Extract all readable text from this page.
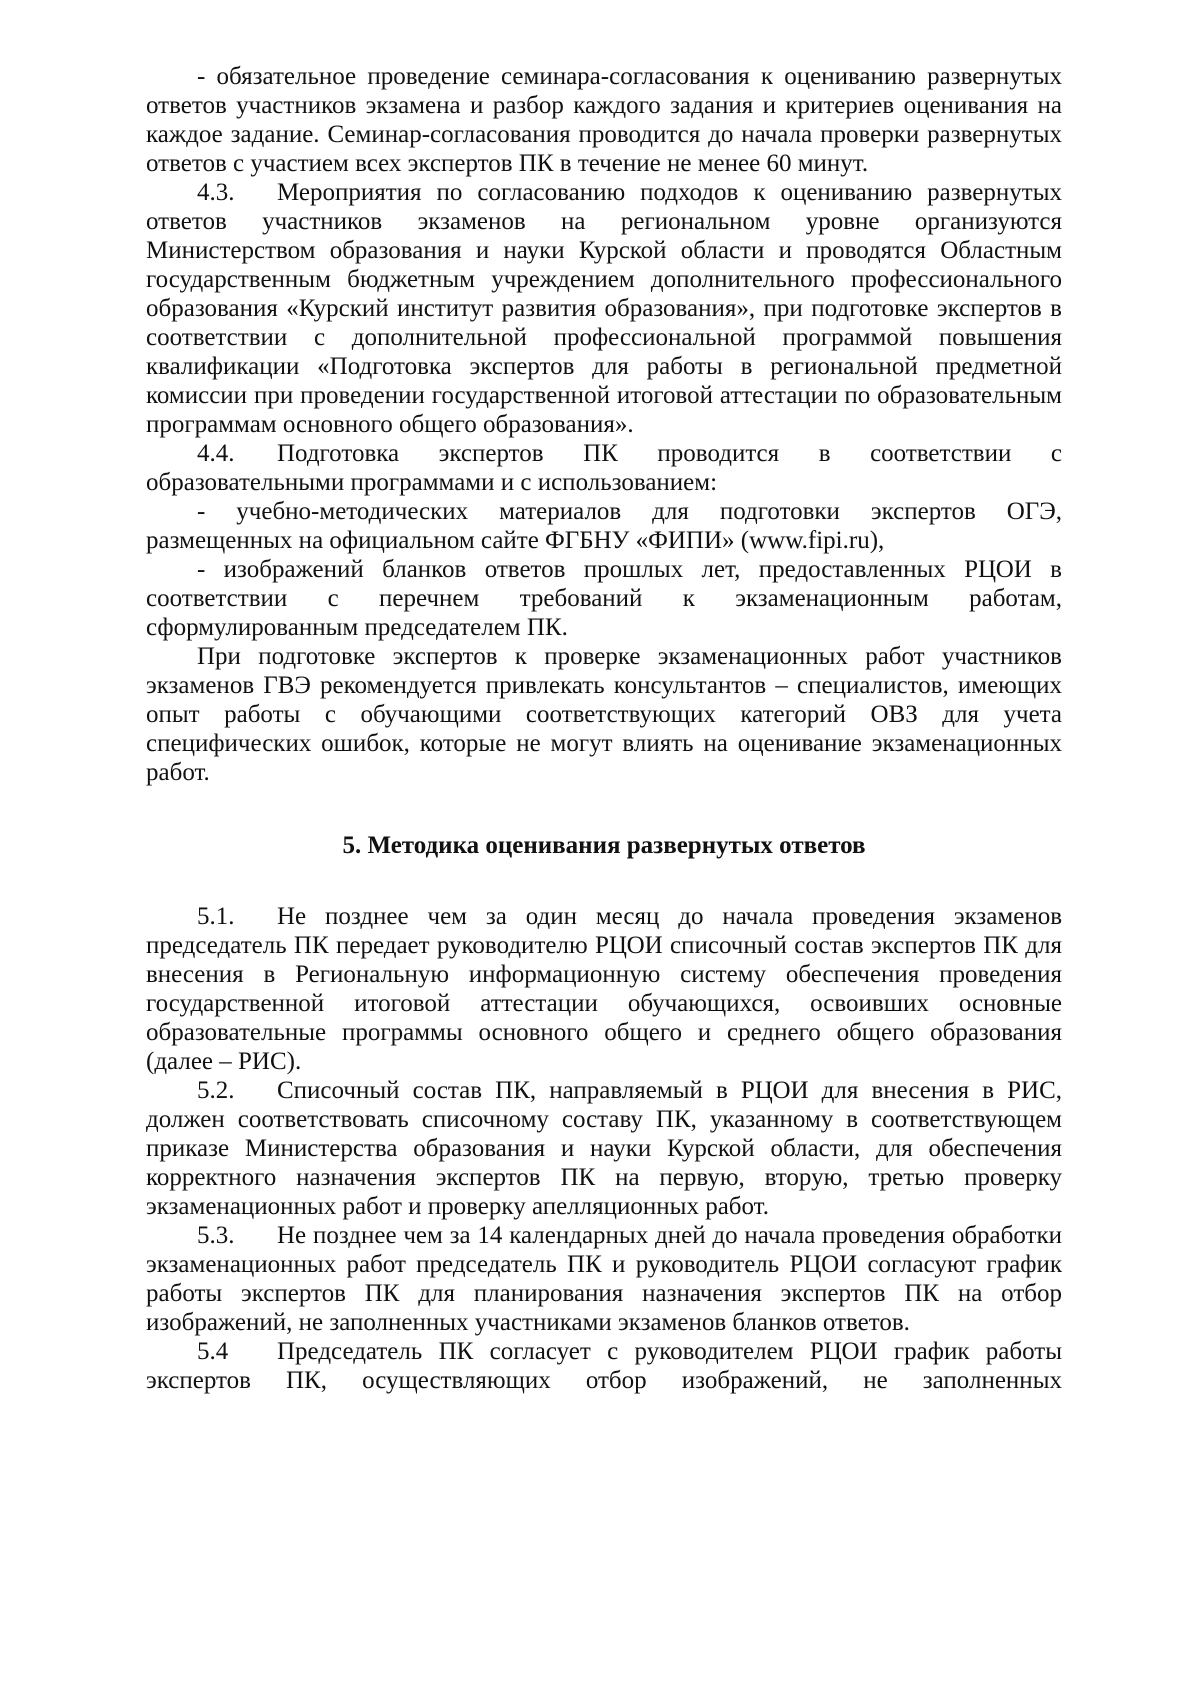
- обязательное проведение семинара-согласования к оцениванию развернутых ответов участников экзамена и разбор каждого задания и критериев оценивания на каждое задание. Семинар-согласования проводится до начала проверки развернутых ответов с участием всех экспертов ПК в течение не менее 60 минут.

4.3. Мероприятия по согласованию подходов к оцениванию развернутых ответов участников экзаменов на региональном уровне организуются Министерством образования и науки Курской области и проводятся Областным государственным бюджетным учреждением дополнительного профессионального образования «Курский институт развития образования», при подготовке экспертов в соответствии с дополнительной профессиональной программой повышения квалификации «Подготовка экспертов для работы в региональной предметной комиссии при проведении государственной итоговой аттестации по образовательным программам основного общего образования».

4.4. Подготовка экспертов ПК проводится в соответствии с образовательными программами и с использованием:

- учебно-методических материалов для подготовки экспертов ОГЭ, размещенных на официальном сайте ФГБНУ «ФИПИ» (www.fipi.ru),

- изображений бланков ответов прошлых лет, предоставленных РЦОИ в соответствии с перечнем требований к экзаменационным работам, сформулированным председателем ПК.

При подготовке экспертов к проверке экзаменационных работ участников экзаменов ГВЭ рекомендуется привлекать консультантов – специалистов, имеющих опыт работы с обучающими соответствующих категорий ОВЗ для учета специфических ошибок, которые не могут влиять на оценивание экзаменационных работ.

5. Методика оценивания развернутых ответов

5.1. Не позднее чем за один месяц до начала проведения экзаменов председатель ПК передает руководителю РЦОИ списочный состав экспертов ПК для внесения в Региональную информационную систему обеспечения проведения государственной итоговой аттестации обучающихся, освоивших основные образовательные программы основного общего и среднего общего образования (далее – РИС).

5.2. Списочный состав ПК, направляемый в РЦОИ для внесения в РИС, должен соответствовать списочному составу ПК, указанному в соответствующем приказе Министерства образования и науки Курской области, для обеспечения корректного назначения экспертов ПК на первую, вторую, третью проверку экзаменационных работ и проверку апелляционных работ.

5.3. Не позднее чем за 14 календарных дней до начала проведения обработки экзаменационных работ председатель ПК и руководитель РЦОИ согласуют график работы экспертов ПК для планирования назначения экспертов ПК на отбор изображений, не заполненных участниками экзаменов бланков ответов.

5.4 Председатель ПК согласует с руководителем РЦОИ график работы экспертов ПК, осуществляющих отбор изображений, не заполненных
